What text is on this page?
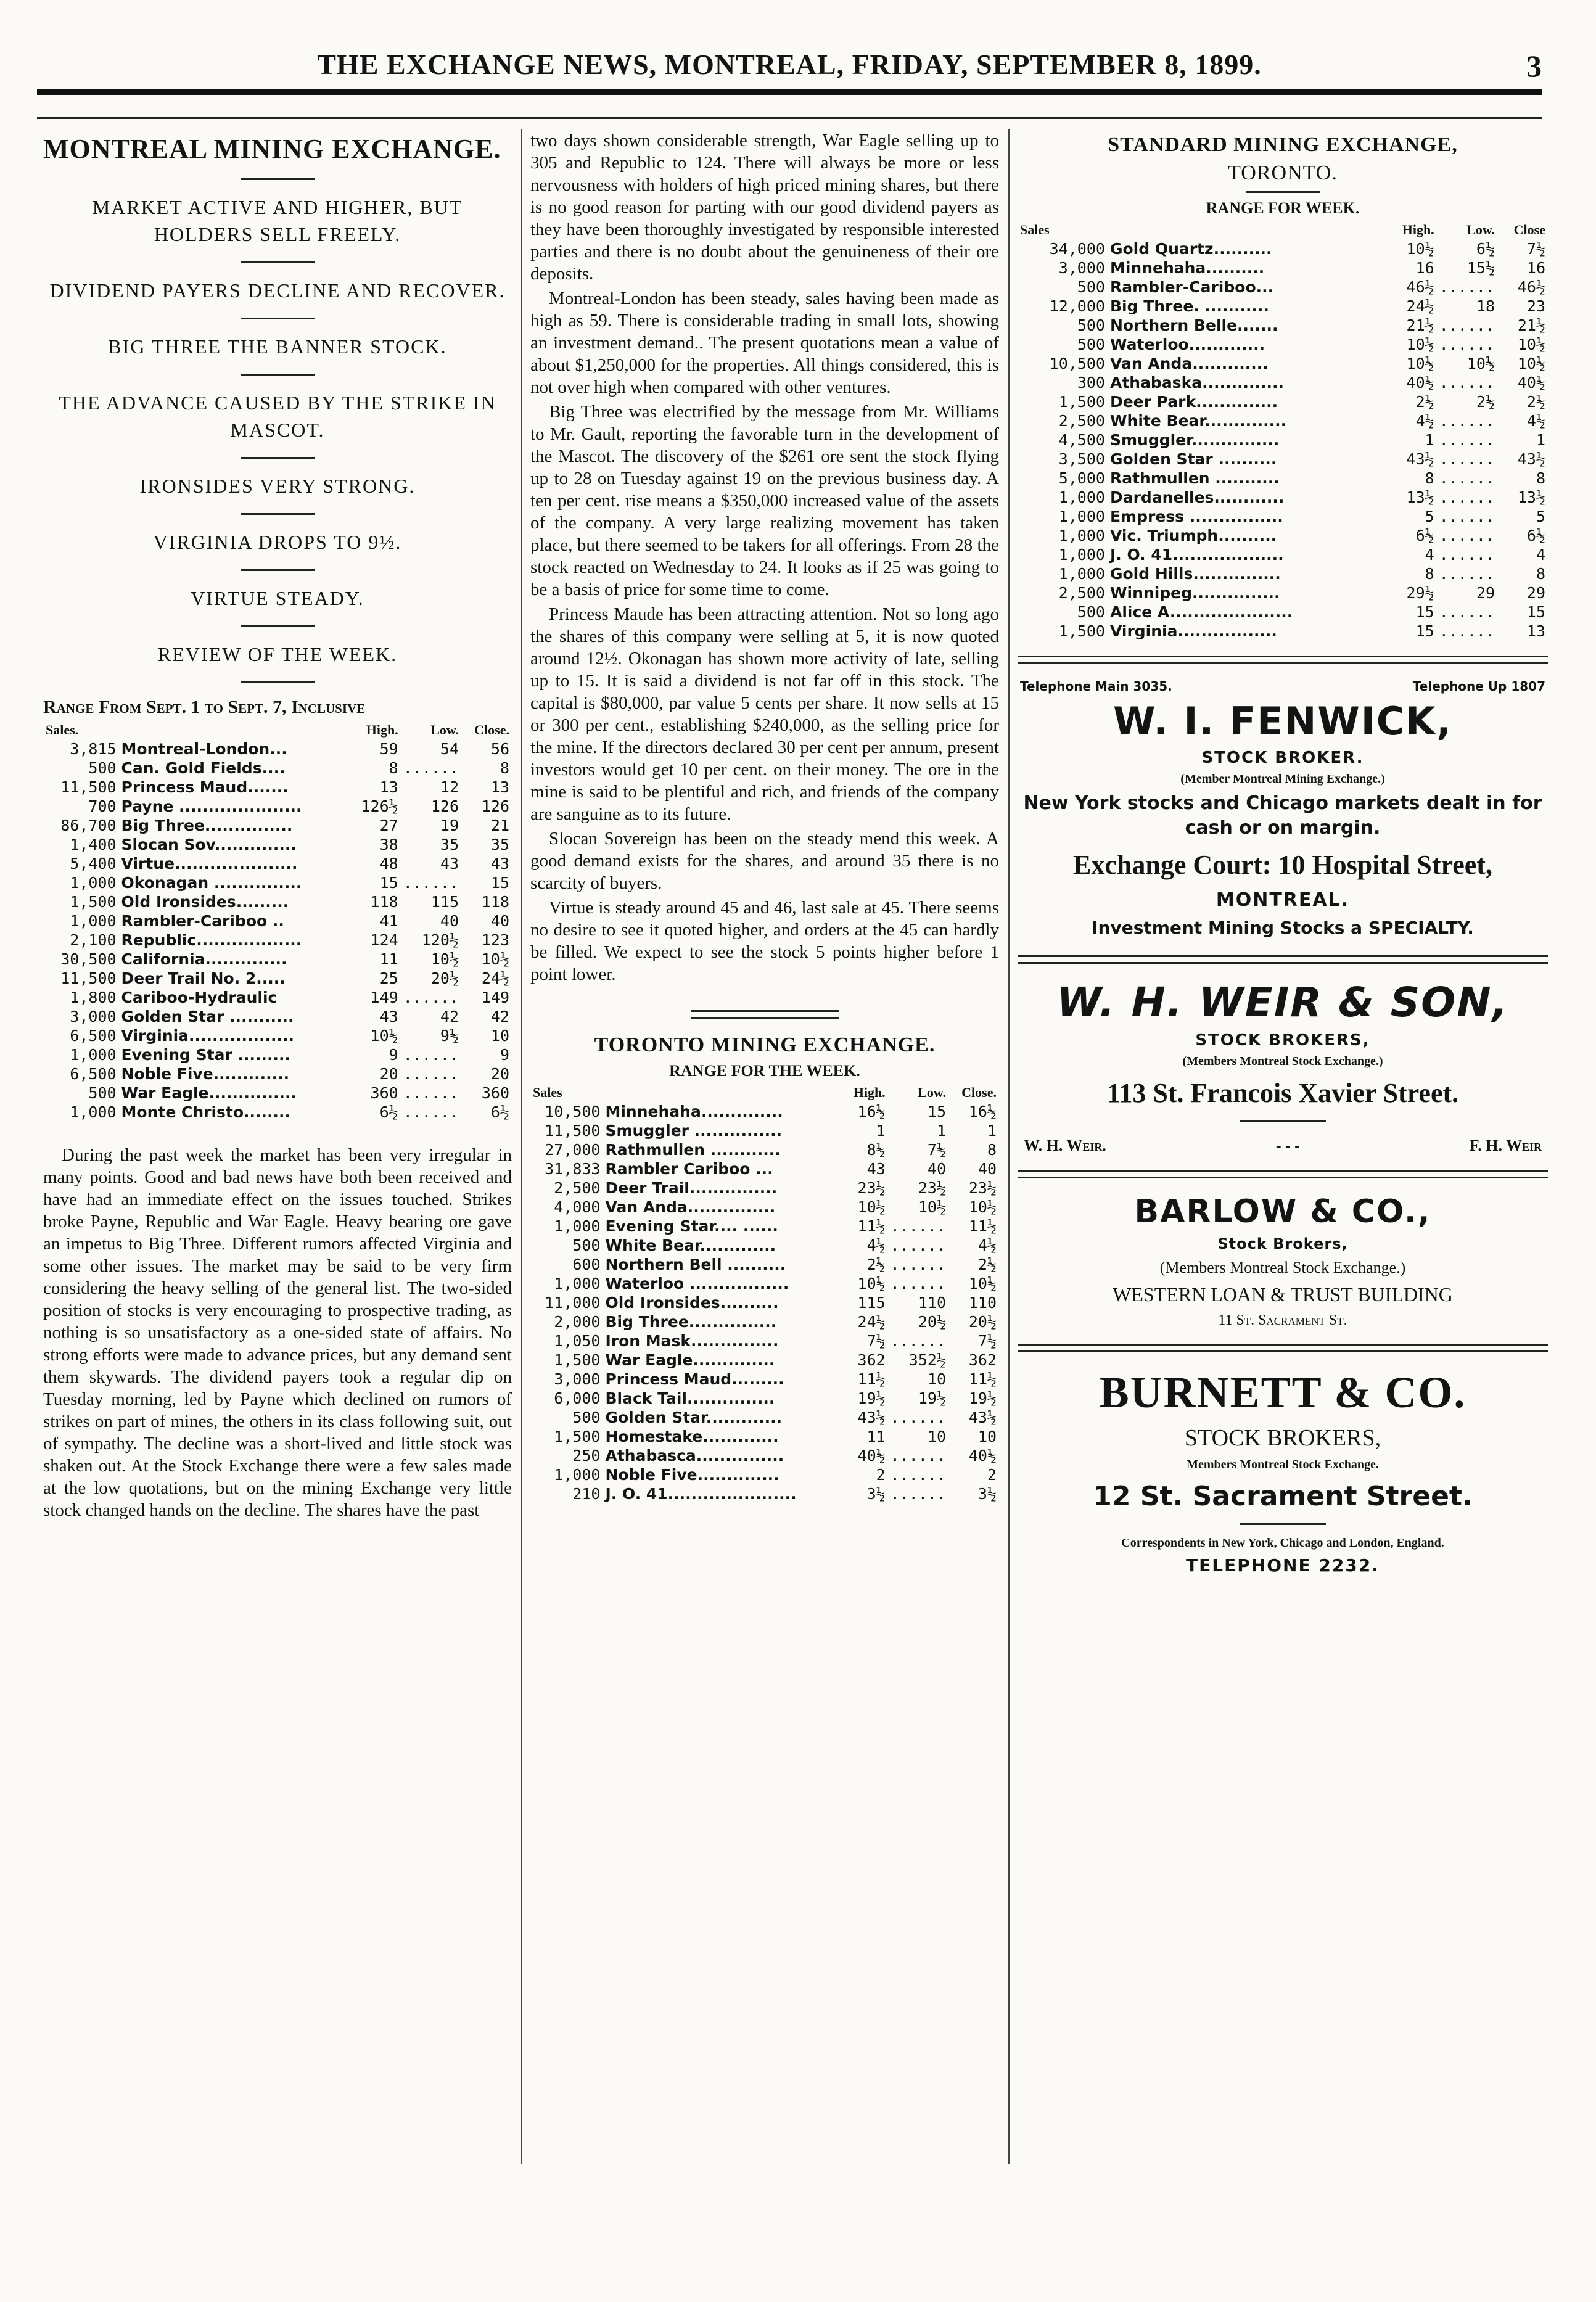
THE EXCHANGE NEWS, MONTREAL, FRIDAY, SEPTEMBER 8, 1899.	3
MONTREAL MINING EXCHANGE.

MARKET ACTIVE AND HIGHER, BUT HOLDERS SELL FREELY.

DIVIDEND PAYERS DECLINE AND RECOVER.

BIG THREE THE BANNER STOCK.

THE ADVANCE CAUSED BY THE STRIKE IN MASCOT.

IRONSIDES VERY STRONG.

VIRGINIA DROPS TO 9½.

VIRTUE STEADY.

REVIEW OF THE WEEK.

Range From Sept. 1 to Sept. 7, Inclusive
Sales.		High.	Low.	Close.
3,815	Montreal-London...	59	54	56
500	Can. Gold Fields....	8	......	8
11,500	Princess Maud.......	13	12	13
700	Payne .....................	126½	126	126
86,700	Big Three...............	27	19	21
1,400	Slocan Sov..............	38	35	35
5,400	Virtue.....................	48	43	43
1,000	Okonagan ...............	15	......	15
1,500	Old Ironsides.........	118	115	118
1,000	Rambler-Cariboo ..	41	40	40
2,100	Republic..................	124	120½	123
30,500	California..............	11	10½	10½
11,500	Deer Trail No. 2.....	25	20½	24½
1,800	Cariboo-Hydraulic	149	......	149
3,000	Golden Star ...........	43	42	42
6,500	Virginia..................	10½	9½	10
1,000	Evening Star .........	9	......	9
6,500	Noble Five.............	20	......	20
500	War Eagle...............	360	......	360
1,000	Monte Christo........	6½	......	6½

During the past week the market has been very irregular in many points. Good and bad news have both been received and have had an immediate effect on the issues touched. Strikes broke Payne, Republic and War Eagle. Heavy bearing ore gave an impetus to Big Three. Different rumors affected Virginia and some other issues. The market may be said to be very firm considering the heavy selling of the general list. The two-sided position of stocks is very encouraging to prospective trading, as nothing is so unsatisfactory as a one-sided state of affairs. No strong efforts were made to advance prices, but any demand sent them skywards. The dividend payers took a regular dip on Tuesday morning, led by Payne which declined on rumors of strikes on part of mines, the others in its class following suit, out of sympathy. The decline was a short-lived and little stock was shaken out. At the Stock Exchange there were a few sales made at the low quotations, but on the mining Exchange very little stock changed hands on the decline. The shares have the past

two days shown considerable strength, War Eagle selling up to 305 and Republic to 124. There will always be more or less nervousness with holders of high priced mining shares, but there is no good reason for parting with our good dividend payers as they have been thoroughly investigated by responsible interested parties and there is no doubt about the genuineness of their ore deposits.

Montreal-London has been steady, sales having been made as high as 59. There is considerable trading in small lots, showing an investment demand.. The present quotations mean a value of about $1,250,000 for the properties. All things considered, this is not over high when compared with other ventures.

Big Three was electrified by the message from Mr. Williams to Mr. Gault, reporting the favorable turn in the development of the Mascot. The discovery of the $261 ore sent the stock flying up to 28 on Tuesday against 19 on the previous business day. A ten per cent. rise means a $350,000 increased value of the assets of the company. A very large realizing movement has taken place, but there seemed to be takers for all offerings. From 28 the stock reacted on Wednesday to 24. It looks as if 25 was going to be a basis of price for some time to come.

Princess Maude has been attracting attention. Not so long ago the shares of this company were selling at 5, it is now quoted around 12½. Okonagan has shown more activity of late, selling up to 15. It is said a dividend is not far off in this stock. The capital is $80,000, par value 5 cents per share. It now sells at 15 or 300 per cent., establishing $240,000, as the selling price for the mine. If the directors declared 30 per cent per annum, present investors would get 10 per cent. on their money. The ore in the mine is said to be plentiful and rich, and friends of the company are sanguine as to its future.

Slocan Sovereign has been on the steady mend this week. A good demand exists for the shares, and around 35 there is no scarcity of buyers.

Virtue is steady around 45 and 46, last sale at 45. There seems no desire to see it quoted higher, and orders at the 45 can hardly be filled. We expect to see the stock 5 points higher before 1 point lower.

TORONTO MINING EXCHANGE.
RANGE FOR THE WEEK.
Sales		High.	Low.	Close.
10,500	Minnehaha..............	16½	15	16½
11,500	Smuggler ...............	1	1	1
27,000	Rathmullen ............	8½	7½	8
31,833	Rambler Cariboo ...	43	40	40
2,500	Deer Trail...............	23½	23½	23½
4,000	Van Anda...............	10½	10½	10½
1,000	Evening Star.... ......	11½	......	11½
500	White Bear.............	4½	......	4½
600	Northern Bell ..........	2½	......	2½
1,000	Waterloo .................	10½	......	10½
11,000	Old Ironsides..........	115	110	110
2,000	Big Three...............	24½	20½	20½
1,050	Iron Mask...............	7½	......	7½
1,500	War Eagle..............	362	352½	362
3,000	Princess Maud.........	11½	10	11½
6,000	Black Tail...............	19½	19½	19½
500	Golden Star.............	43½	......	43½
1,500	Homestake.............	11	10	10
250	Athabasca...............	40½	......	40½
1,000	Noble Five..............	2	......	2
210	J. O. 41......................	3½	......	3½
STANDARD MINING EXCHANGE,
TORONTO.
RANGE FOR WEEK.
Sales		High.	Low.	Close
34,000	Gold Quartz..........	10½	6½	7½
3,000	Minnehaha..........	16	15½	16
500	Rambler-Cariboo...	46½	......	46½
12,000	Big Three. ...........	24½	18	23
500	Northern Belle.......	21½	......	21½
500	Waterloo.............	10½	......	10½
10,500	Van Anda.............	10½	10½	10½
300	Athabaska..............	40½	......	40½
1,500	Deer Park..............	2½	2½	2½
2,500	White Bear..............	4½	......	4½
4,500	Smuggler...............	1	......	1
3,500	Golden Star ..........	43½	......	43½
5,000	Rathmullen ...........	8	......	8
1,000	Dardanelles............	13½	......	13½
1,000	Empress ................	5	......	5
1,000	Vic. Triumph..........	6½	......	6½
1,000	J. O. 41...................	4	......	4
1,000	Gold Hills...............	8	......	8
2,500	Winnipeg...............	29½	29	29
500	Alice A.....................	15	......	15
1,500	Virginia.................	15	......	13
Telephone Main 3035.	Telephone Up 1807
W. I. FENWICK,
STOCK BROKER.
(Member Montreal Mining Exchange.)
New York stocks and Chicago markets dealt in for cash or on margin.
Exchange Court: 10 Hospital Street,
MONTREAL.
Investment Mining Stocks a SPECIALTY.
W. H. WEIR & SON,
STOCK BROKERS,
(Members Montreal Stock Exchange.)
113 St. Francois Xavier Street.
W. H. Weir.	- - -	F. H. Weir
BARLOW & CO.,
Stock Brokers,
(Members Montreal Stock Exchange.)
WESTERN LOAN & TRUST BUILDING
11 St. Sacrament St.
BURNETT & CO.
STOCK BROKERS,
Members Montreal Stock Exchange.
12 St. Sacrament Street.
Correspondents in New York, Chicago and London, England.
TELEPHONE 2232.
